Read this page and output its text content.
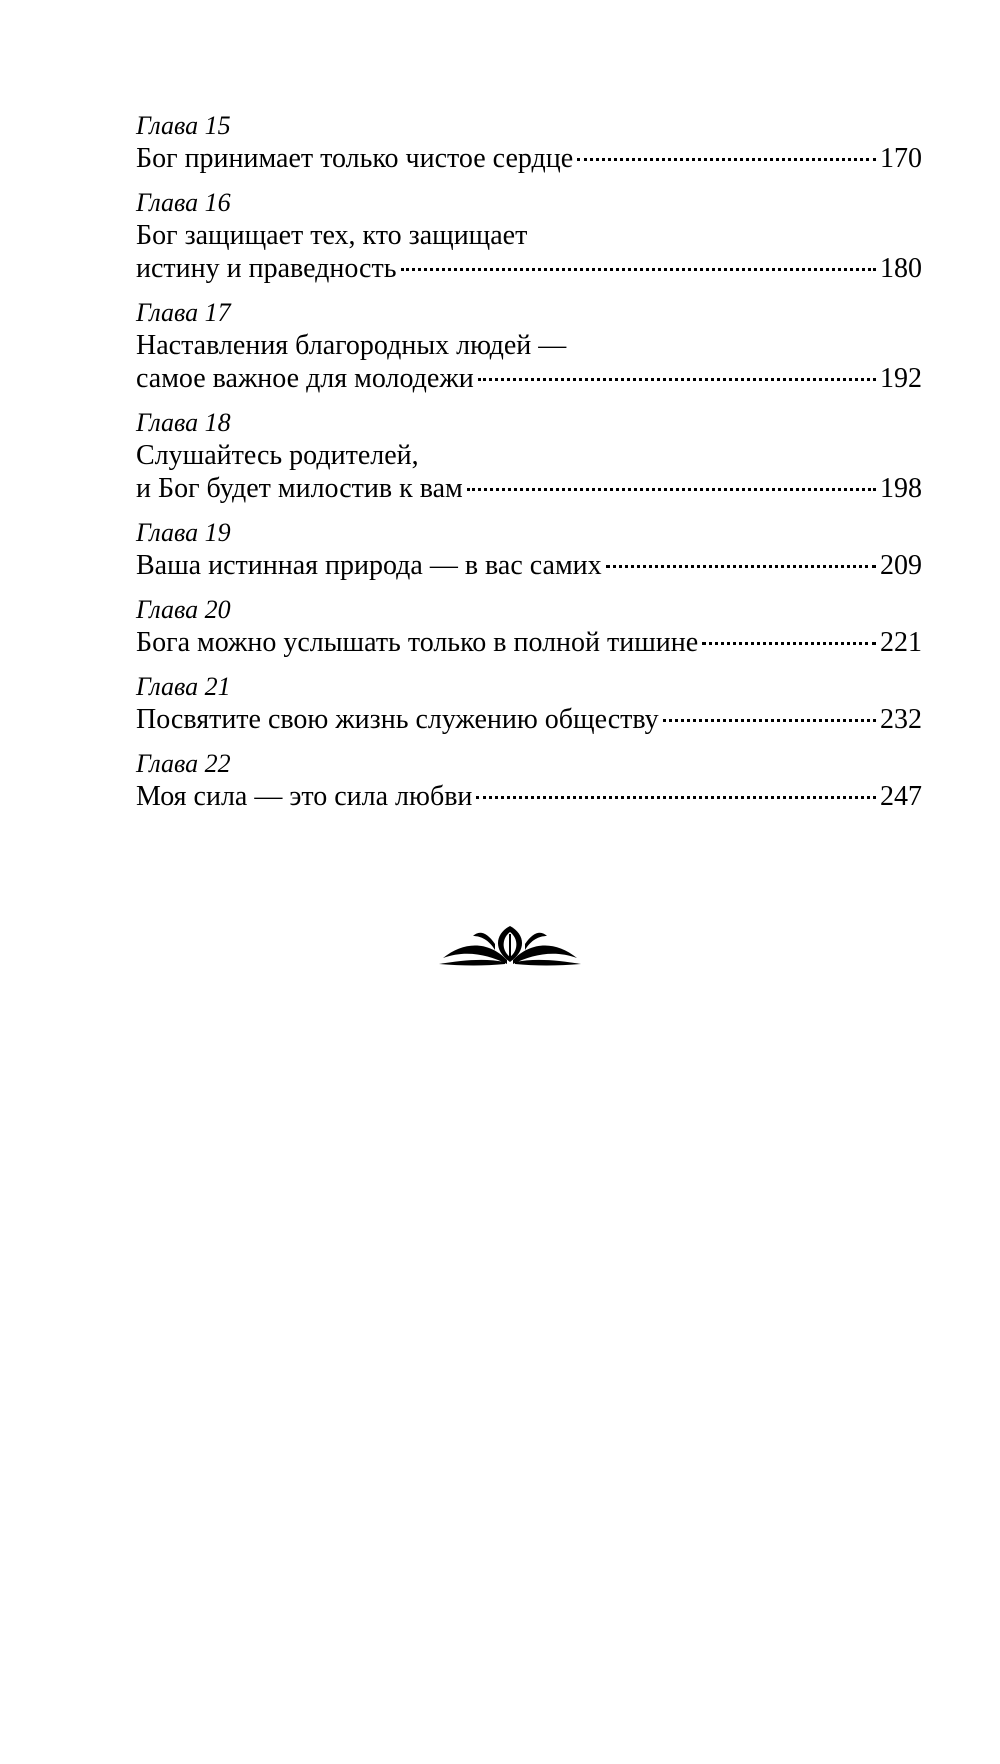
Глава 15
Бог принимает только чистое сердце	170
Глава 16
Бог защищает тех, кто защищает
истину и праведность	180
Глава 17
Наставления благородных людей —
самое важное для молодежи	192
Глава 18
Слушайтесь родителей,
и Бог будет милостив к вам	198
Глава 19
Ваша истинная природа — в вас самих	209
Глава 20
Бога можно услышать только в полной тишине	221
Глава 21
Посвятите свою жизнь служению обществу	232
Глава 22
Моя сила — это сила любви	247
